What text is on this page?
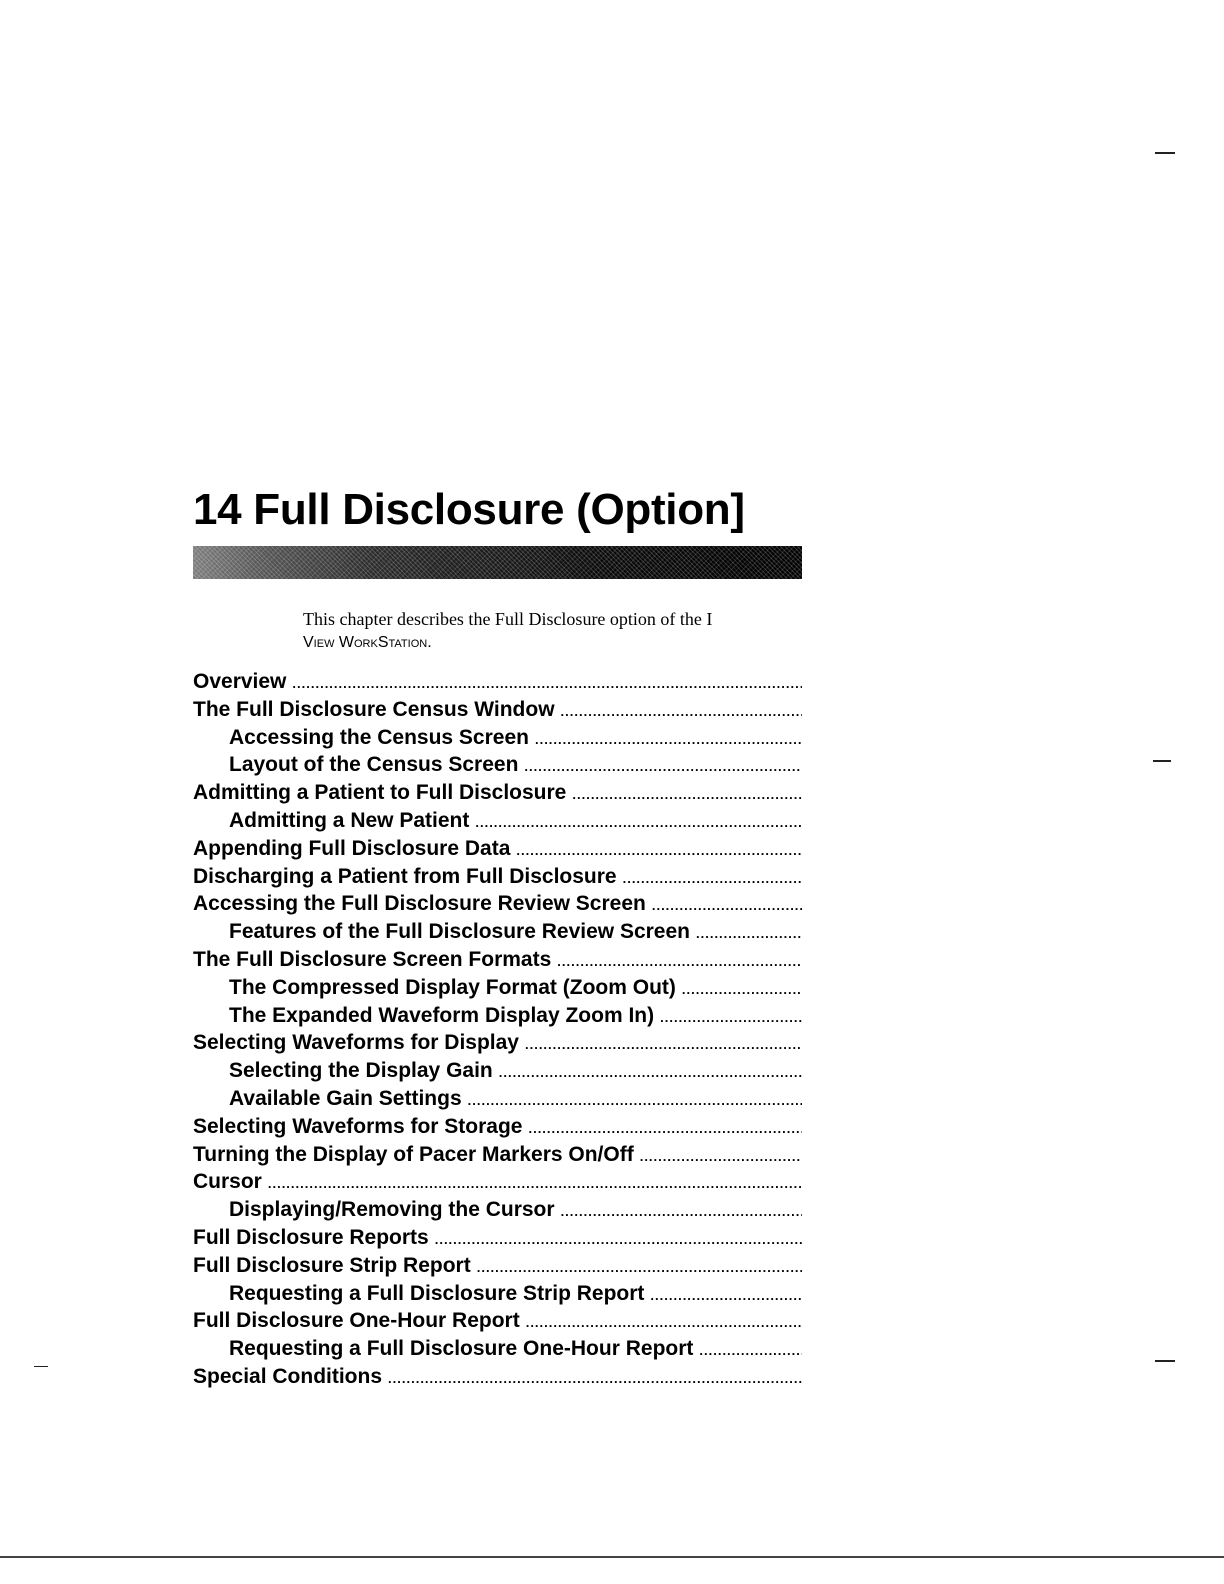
14 Full Disclosure (Option]
This chapter describes the Full Disclosure option of the I
View WorkStation.
Overview
.....
The Full Disclosure Census Window
.....
Accessing the Census Screen
.....
Layout of the Census Screen
.....
Admitting a Patient to Full Disclosure
.....
Admitting a New Patient
.....
Appending Full Disclosure Data
.....
Discharging a Patient from Full Disclosure
.....
Accessing the Full Disclosure Review Screen
.....
Features of the Full Disclosure Review Screen
.....
The Full Disclosure Screen Formats
.....
The Compressed Display Format (Zoom Out)
.....
The Expanded Waveform Display Zoom In)
.....
Selecting Waveforms for Display
.....
Selecting the Display Gain
.....
Available Gain Settings
.....
Selecting Waveforms for Storage
.....
Turning the Display of Pacer Markers On/Off
.....
Cursor
.....
Displaying/Removing the Cursor
.....
Full Disclosure Reports
.....
Full Disclosure Strip Report
.....
Requesting a Full Disclosure Strip Report
.....
Full Disclosure One-Hour Report
.....
Requesting a Full Disclosure One-Hour Report
.....
Special Conditions
.....
